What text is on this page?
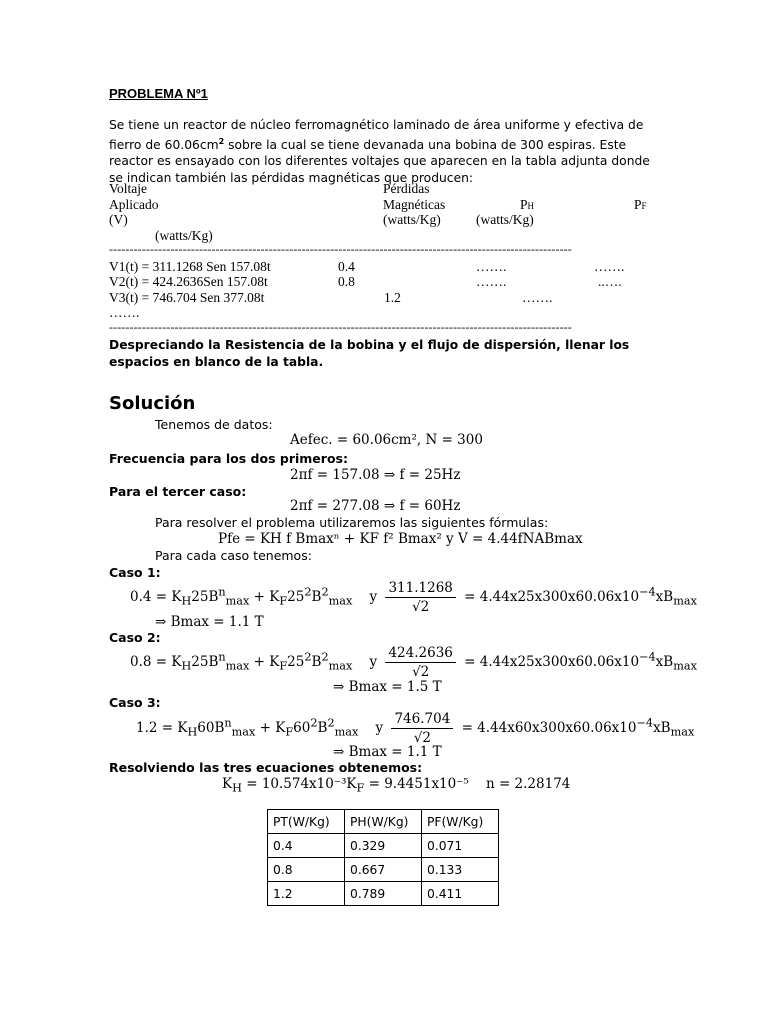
PROBLEMA Nº1
Se tiene un reactor de núcleo ferromagnético laminado de área uniforme y efectiva de fierro de $60.06cm^2$ sobre la cual se tiene devanada una bobina de 300 espiras. Este reactor es ensayado con los diferentes voltajes que aparecen en la tabla adjunta donde se indican también las pérdidas magnéticas que producen:
Voltaje	Pérdidas
Aplicado	Magnéticas	PH	PF
(V)	(watts/Kg)	(watts/Kg)
(watts/Kg)
-----------------------------------------------------------------------------------------------------------------
V1(t) = 311.1268 Sen 157.08t	0.4	…….	…….
V2(t) = 424.2636Sen 157.08t	0.8	…….	..….
V3(t) = 746.704 Sen 377.08t	1.2	…….
…….
-----------------------------------------------------------------------------------------------------------------
Despreciando la Resistencia de la bobina y el flujo de dispersión, llenar los espacios en blanco de la tabla.
Solución
Tenemos de datos:
Aefec. = 60.06cm², N = 300
Frecuencia para los dos primeros:
2πf = 157.08 ⇒ f = 25Hz
Para el tercer caso:
2πf = 277.08 ⇒ f = 60Hz
Para resolver el problema utilizaremos las siguientes fórmulas:
Pfe = KH f Bmaxⁿ + KF f² Bmax² y V = 4.44fNABmax
Para cada caso tenemos:
Caso 1:
$0.4 = K_H25B^n_{max} + K_F25^2B^2_{max}$    y $\frac{311.1268}{√2} = 4.44x25x300x60.06x10^{-4}xB_{max}$
⇒ Bmax = 1.1 T
Caso 2:
$0.8 = K_H25B^n_{max} + K_F25^2B^2_{max}$    y $\frac{424.2636}{√2} = 4.44x25x300x60.06x10^{-4}xB_{max}$
⇒ Bmax = 1.5 T
Caso 3:
$1.2 = K_H60B^n_{max} + K_F60^2B^2_{max}$    y $\frac{746.704}{√2} = 4.44x60x300x60.06x10^{-4}xB_{max}$
⇒ Bmax = 1.1 T
Resolviendo las tres ecuaciones obtenemos:
$K_H = 10.574x10^{-3}K_F = 9.4451x10^{-5}$ n = 2.28174
PT(W/Kg)	PH(W/Kg)	PF(W/Kg)
0.4	0.329	0.071
0.8	0.667	0.133
1.2	0.789	0.411
